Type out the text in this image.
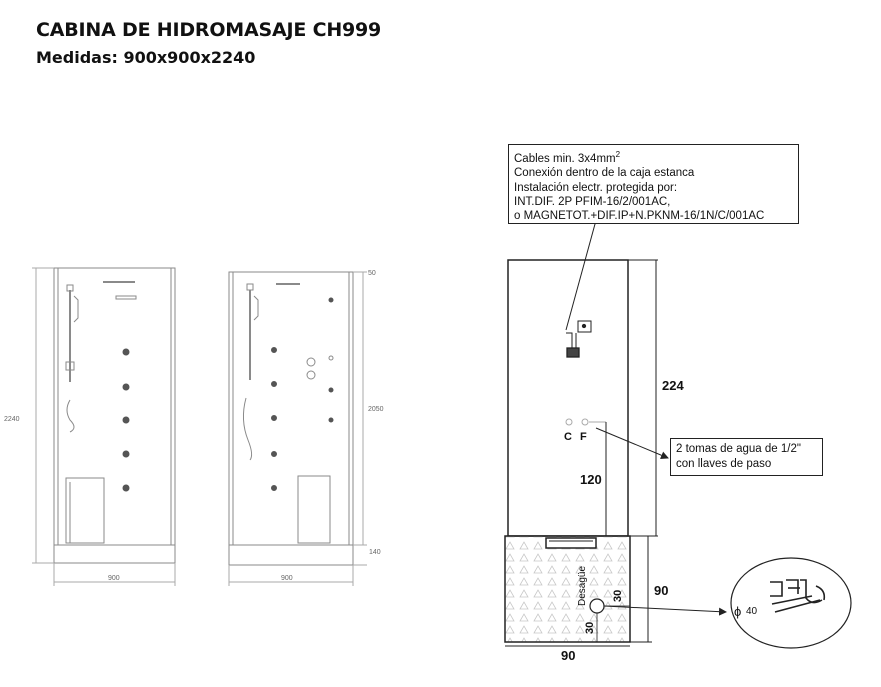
CABINA DE HIDROMASAJE CH999
Medidas: 900x900x2240
2240
900
50
2050
140
900
C F
Desagüe 30
30
ϕ 40
Cables min. $3x4mm^2$
Conexión dentro de la caja estanca
Instalación electr. protegida por:
INT.DIF. 2P PFIM-16/2/001AC,
o MAGNETOT.+DIF.IP+N.PKNM-16/1N/C/001AC
2 tomas de agua de 1/2"
con llaves de paso
224
120
90
90
